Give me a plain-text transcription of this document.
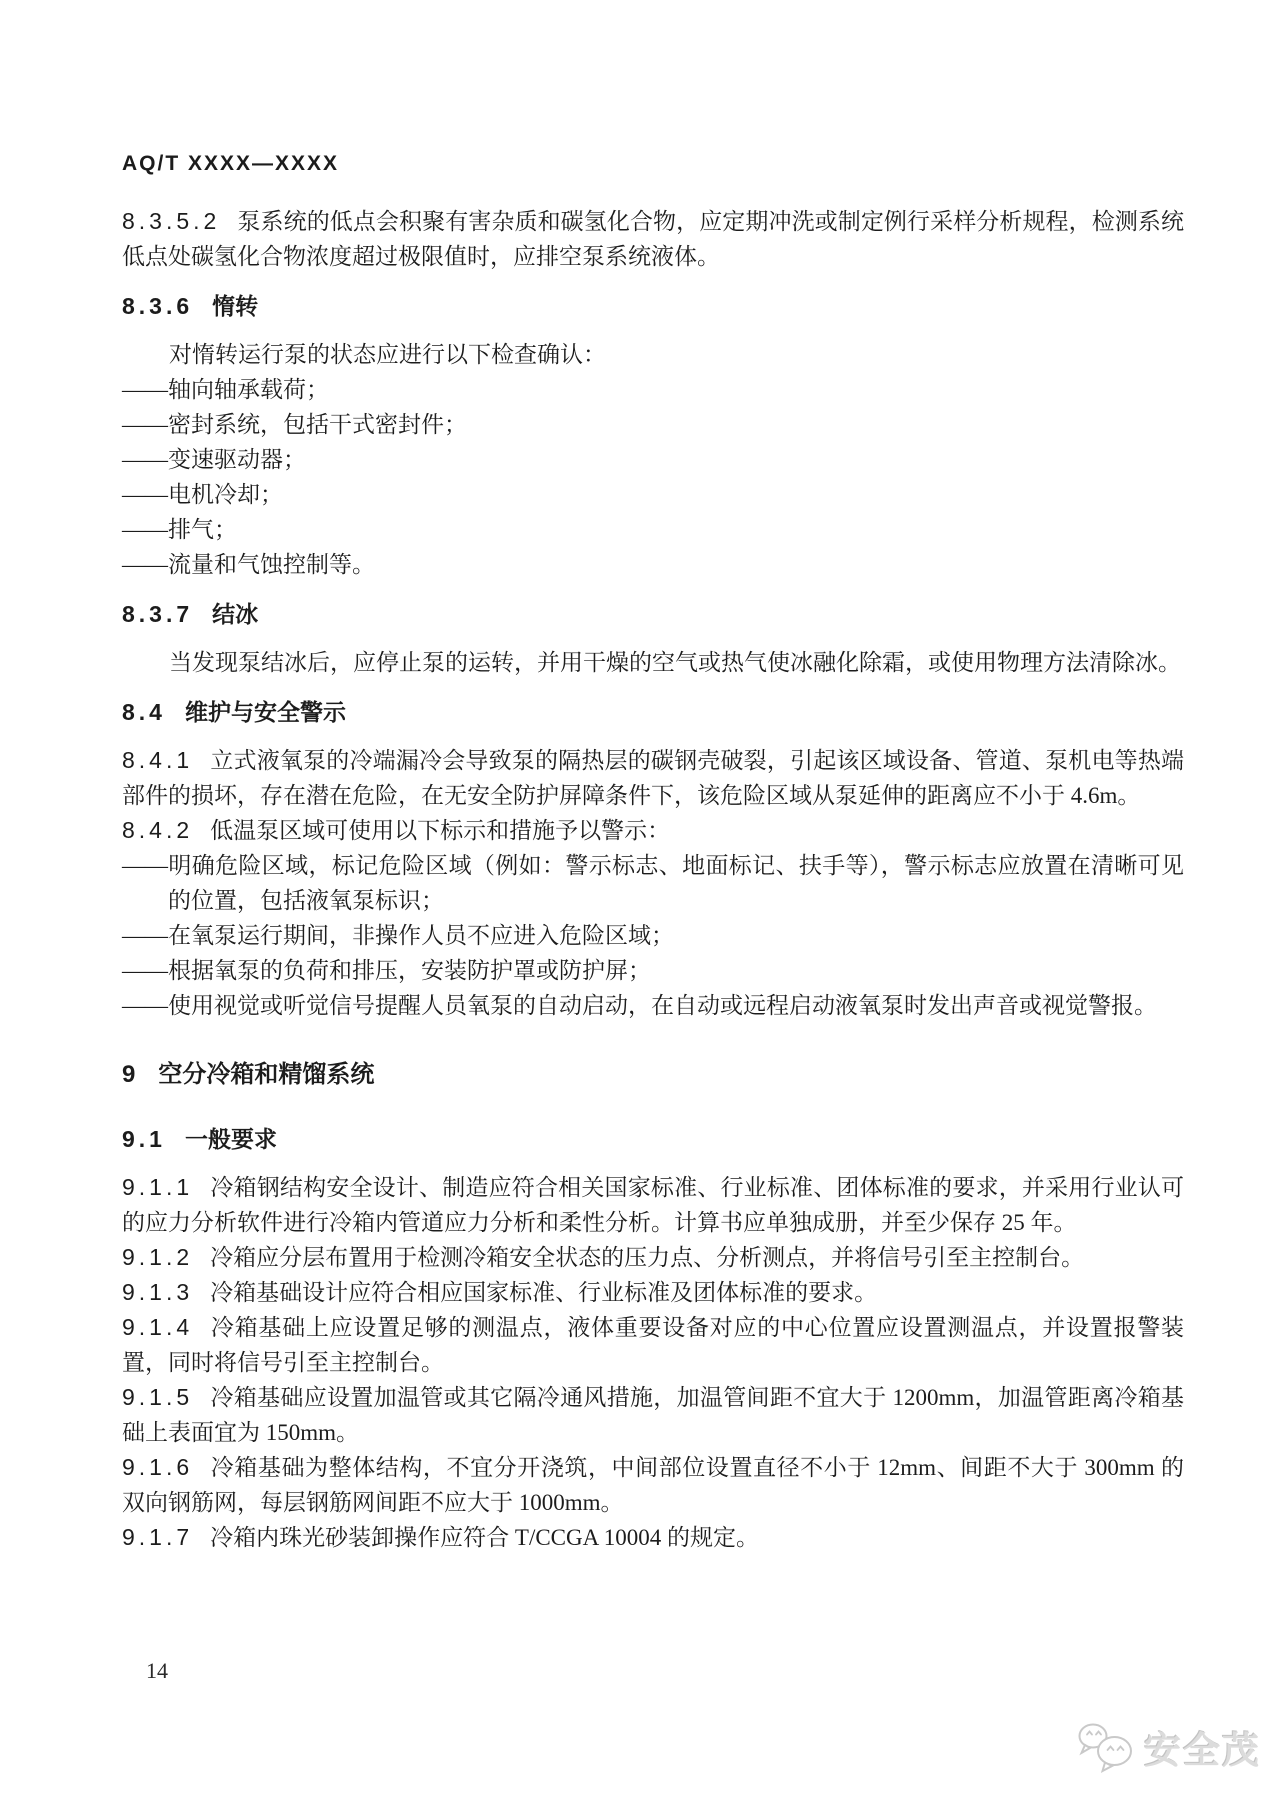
AQ/T XXXX—XXXX

8.3.5.2 泵系统的低点会积聚有害杂质和碳氢化合物，应定期冲洗或制定例行采样分析规程，检测系统低点处碳氢化合物浓度超过极限值时，应排空泵系统液体。

8.3.6 惰转

对惰转运行泵的状态应进行以下检查确认：

——轴向轴承载荷；

——密封系统，包括干式密封件；

——变速驱动器；

——电机冷却；

——排气；

——流量和气蚀控制等。

8.3.7 结冰

当发现泵结冰后，应停止泵的运转，并用干燥的空气或热气使冰融化除霜，或使用物理方法清除冰。

8.4 维护与安全警示

8.4.1 立式液氧泵的冷端漏冷会导致泵的隔热层的碳钢壳破裂，引起该区域设备、管道、泵机电等热端部件的损坏，存在潜在危险，在无安全防护屏障条件下，该危险区域从泵延伸的距离应不小于 4.6m。

8.4.2 低温泵区域可使用以下标示和措施予以警示：

——明确危险区域，标记危险区域（例如：警示标志、地面标记、扶手等），警示标志应放置在清晰可见的位置，包括液氧泵标识；

——在氧泵运行期间，非操作人员不应进入危险区域；

——根据氧泵的负荷和排压，安装防护罩或防护屏；

——使用视觉或听觉信号提醒人员氧泵的自动启动，在自动或远程启动液氧泵时发出声音或视觉警报。

9 空分冷箱和精馏系统
9.1 一般要求

9.1.1 冷箱钢结构安全设计、制造应符合相关国家标准、行业标准、团体标准的要求，并采用行业认可的应力分析软件进行冷箱内管道应力分析和柔性分析。计算书应单独成册，并至少保存 25 年。

9.1.2 冷箱应分层布置用于检测冷箱安全状态的压力点、分析测点，并将信号引至主控制台。

9.1.3 冷箱基础设计应符合相应国家标准、行业标准及团体标准的要求。

9.1.4 冷箱基础上应设置足够的测温点，液体重要设备对应的中心位置应设置测温点，并设置报警装置，同时将信号引至主控制台。

9.1.5 冷箱基础应设置加温管或其它隔冷通风措施，加温管间距不宜大于 1200mm，加温管距离冷箱基础上表面宜为 150mm。

9.1.6 冷箱基础为整体结构，不宜分开浇筑，中间部位设置直径不小于 12mm、间距不大于 300mm 的双向钢筋网，每层钢筋网间距不应大于 1000mm。

9.1.7 冷箱内珠光砂装卸操作应符合 T/CCGA 10004 的规定。

14
安全茂
